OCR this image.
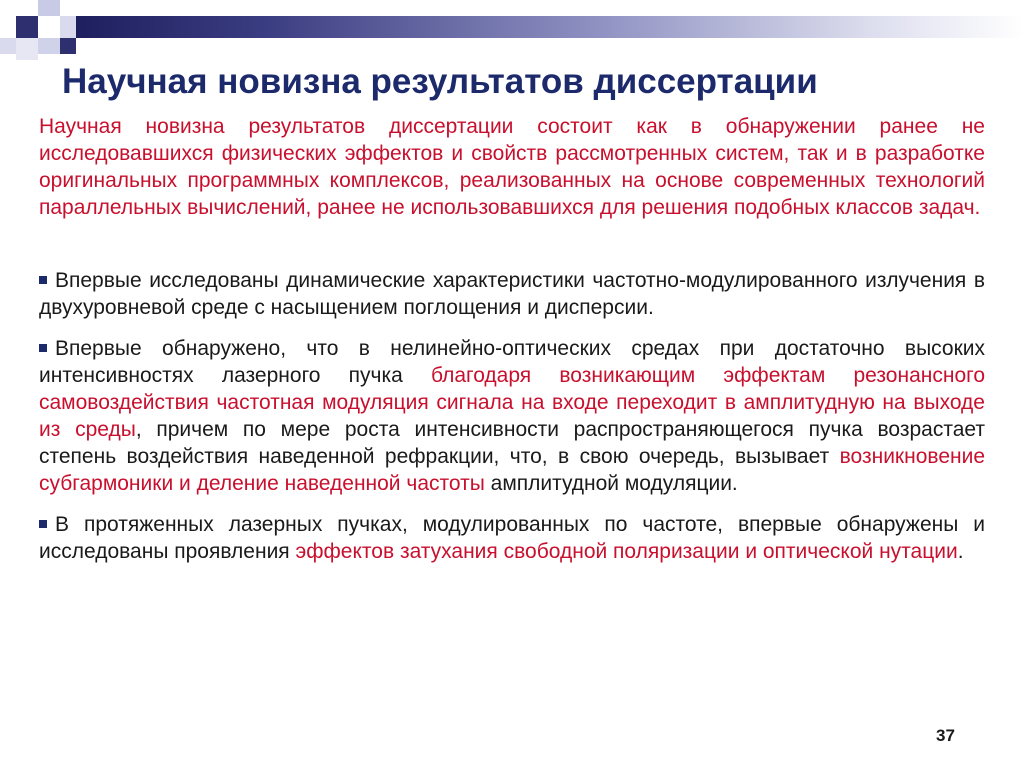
Научная новизна результатов диссертации

Научная новизна результатов диссертации состоит как в обнаружении ранее не исследовавшихся физических эффектов и свойств рассмотренных систем, так и в разработке оригинальных программных комплексов, реализованных на основе современных технологий параллельных вычислений, ранее не использовавшихся для решения подобных классов задач.

Впервые исследованы динамические характеристики частотно-модулированного излучения в двухуровневой среде с насыщением поглощения и дисперсии.

Впервые обнаружено, что в нелинейно-оптических средах при достаточно высоких интенсивностях лазерного пучка благодаря возникающим эффектам резонансного самовоздействия частотная модуляция сигнала на входе переходит в амплитудную на выходе из среды, причем по мере роста интенсивности распространяющегося пучка возрастает степень воздействия наведенной рефракции, что, в свою очередь, вызывает возникновение субгармоники и деление наведенной частоты амплитудной модуляции.

В протяженных лазерных пучках, модулированных по частоте, впервые обнаружены и исследованы проявления эффектов затухания свободной поляризации и оптической нутации.

37
